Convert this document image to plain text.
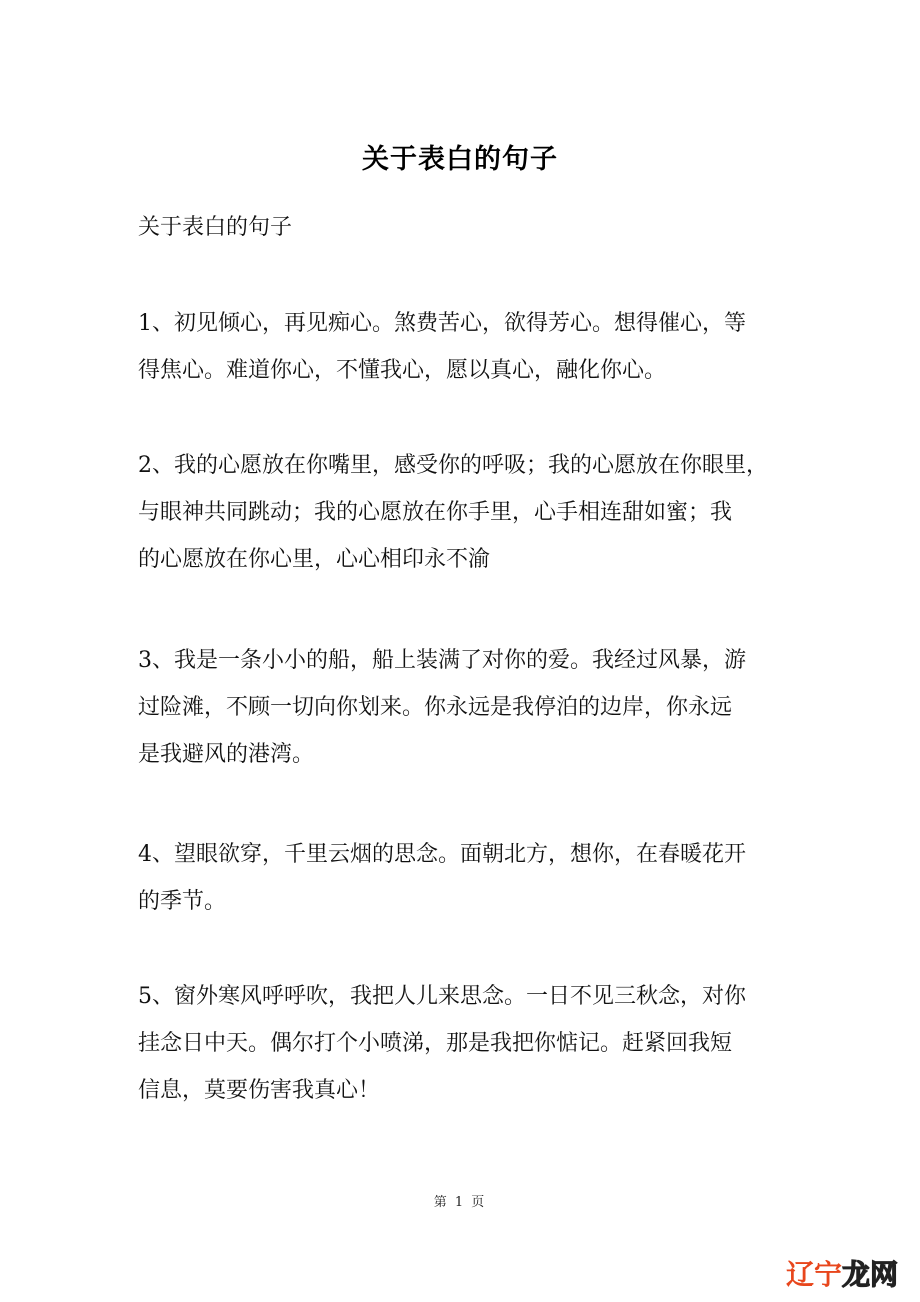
关于表白的句子
关于表白的句子
1、初见倾心，再见痴心。煞费苦心，欲得芳心。想得催心，等
得焦心。难道你心，不懂我心，愿以真心，融化你心。
2、我的心愿放在你嘴里，感受你的呼吸；我的心愿放在你眼里，
与眼神共同跳动；我的心愿放在你手里，心手相连甜如蜜；我
的心愿放在你心里，心心相印永不渝
3、我是一条小小的船，船上装满了对你的爱。我经过风暴，游
过险滩，不顾一切向你划来。你永远是我停泊的边岸，你永远
是我避风的港湾。
4、望眼欲穿，千里云烟的思念。面朝北方，想你，在春暖花开
的季节。
5、窗外寒风呼呼吹，我把人儿来思念。一日不见三秋念，对你
挂念日中天。偶尔打个小喷涕，那是我把你惦记。赶紧回我短
信息，莫要伤害我真心！
第 1 页
辽宁龙网
